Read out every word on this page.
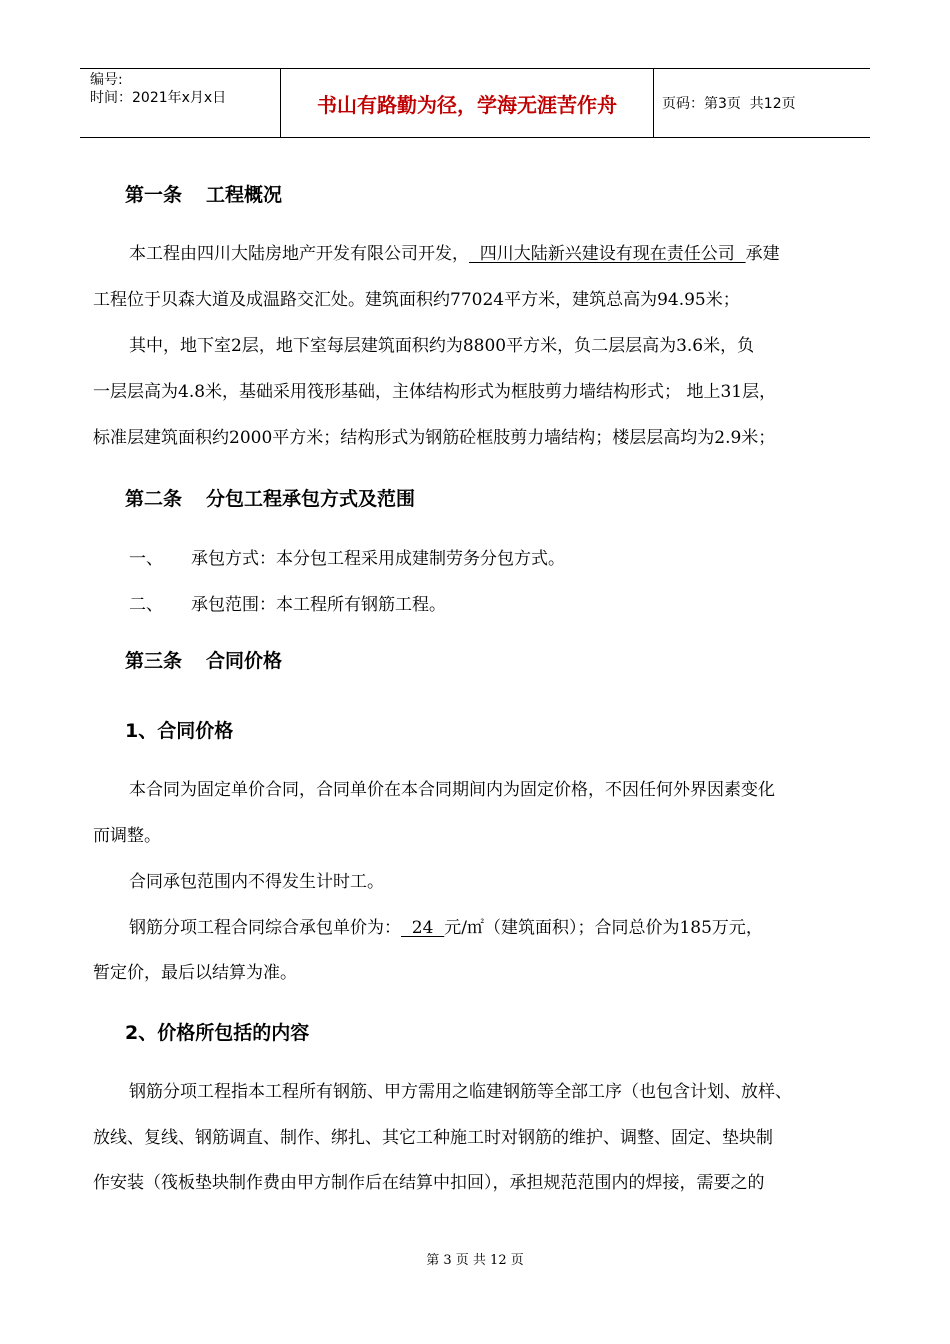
编号:
时间：2021年x月x日	书山有路勤为径，学海无涯苦作舟	页码：第3页  共12页
第一条 工程概况
本工程由四川大陆房地产开发有限公司开发，  四川大陆新兴建设有现在责任公司  承建
工程位于贝森大道及成温路交汇处。建筑面积约77024平方米，建筑总高为94.95米；
其中，地下室2层，地下室每层建筑面积约为8800平方米，负二层层高为3.6米，负
一层层高为4.8米，基础采用筏形基础，主体结构形式为框肢剪力墙结构形式； 地上31层，
标准层建筑面积约2000平方米；结构形式为钢筋砼框肢剪力墙结构；楼层层高均为2.9米；
第二条 分包工程承包方式及范围
一、 承包方式：本分包工程采用成建制劳务分包方式。
二、 承包范围：本工程所有钢筋工程。
第三条 合同价格
1、合同价格
本合同为固定单价合同，合同单价在本合同期间内为固定价格，不因任何外界因素变化
而调整。
合同承包范围内不得发生计时工。
钢筋分项工程合同综合承包单价为：  24  元/㎡（建筑面积）；合同总价为185万元，
暂定价，最后以结算为准。
2、价格所包括的内容
钢筋分项工程指本工程所有钢筋、甲方需用之临建钢筋等全部工序（也包含计划、放样、
放线、复线、钢筋调直、制作、绑扎、其它工种施工时对钢筋的维护、调整、固定、垫块制
作安装（筏板垫块制作费由甲方制作后在结算中扣回），承担规范范围内的焊接，需要之的
第 3 页 共 12 页
